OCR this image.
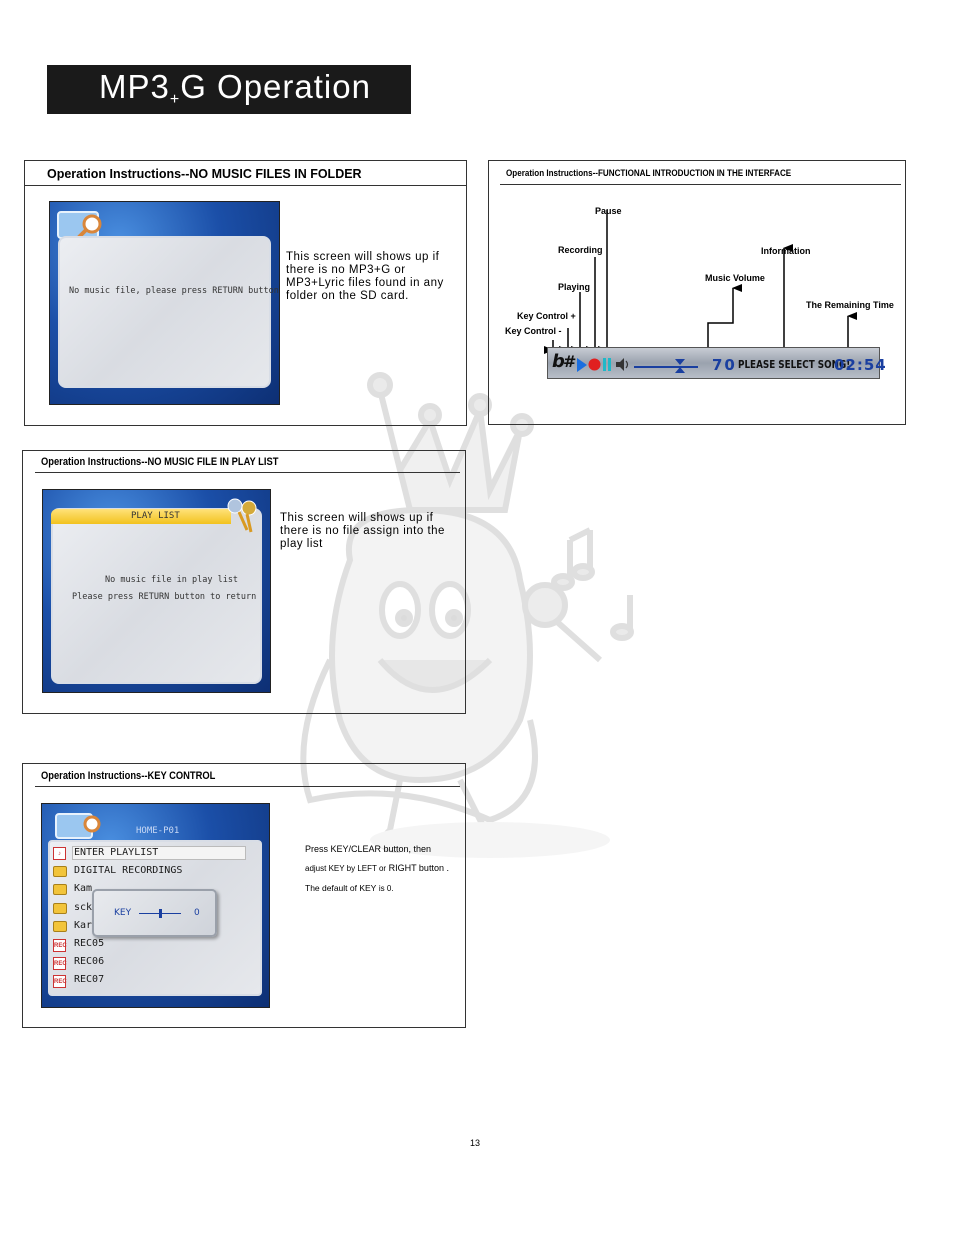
$MP3_+G$ Operation
Operation Instructions--NO MUSIC FILES IN FOLDER
No music file, please press RETURN button
This screen will shows up if
there is no MP3+G or
MP3+Lyric files found in any
folder on the SD card.
Operation Instructions--FUNCTIONAL INTRODUCTION IN THE INTERFACE
Pause
Recording
Playing
Key Control +
Key Control -
Information
Music Volume
The Remaining Time
b
#	70 PLEASE SELECT SONG!
02:54
Operation Instructions--NO MUSIC FILE IN PLAY LIST
PLAY LIST
No music file in play list
Please press RETURN button to return
This screen will shows up if
there is no file assign into the
play list
Operation Instructions--KEY CONTROL
HOME-P01
♪	ENTER PLAYLIST
DIGITAL RECORDINGS
Kam
sck
Kar
REC REC05
REC REC06
REC REC07
KEY	0
Press KEY/CLEAR button, then
adjust KEY by LEFT or RIGHT button .
The default of KEY is 0.
13
